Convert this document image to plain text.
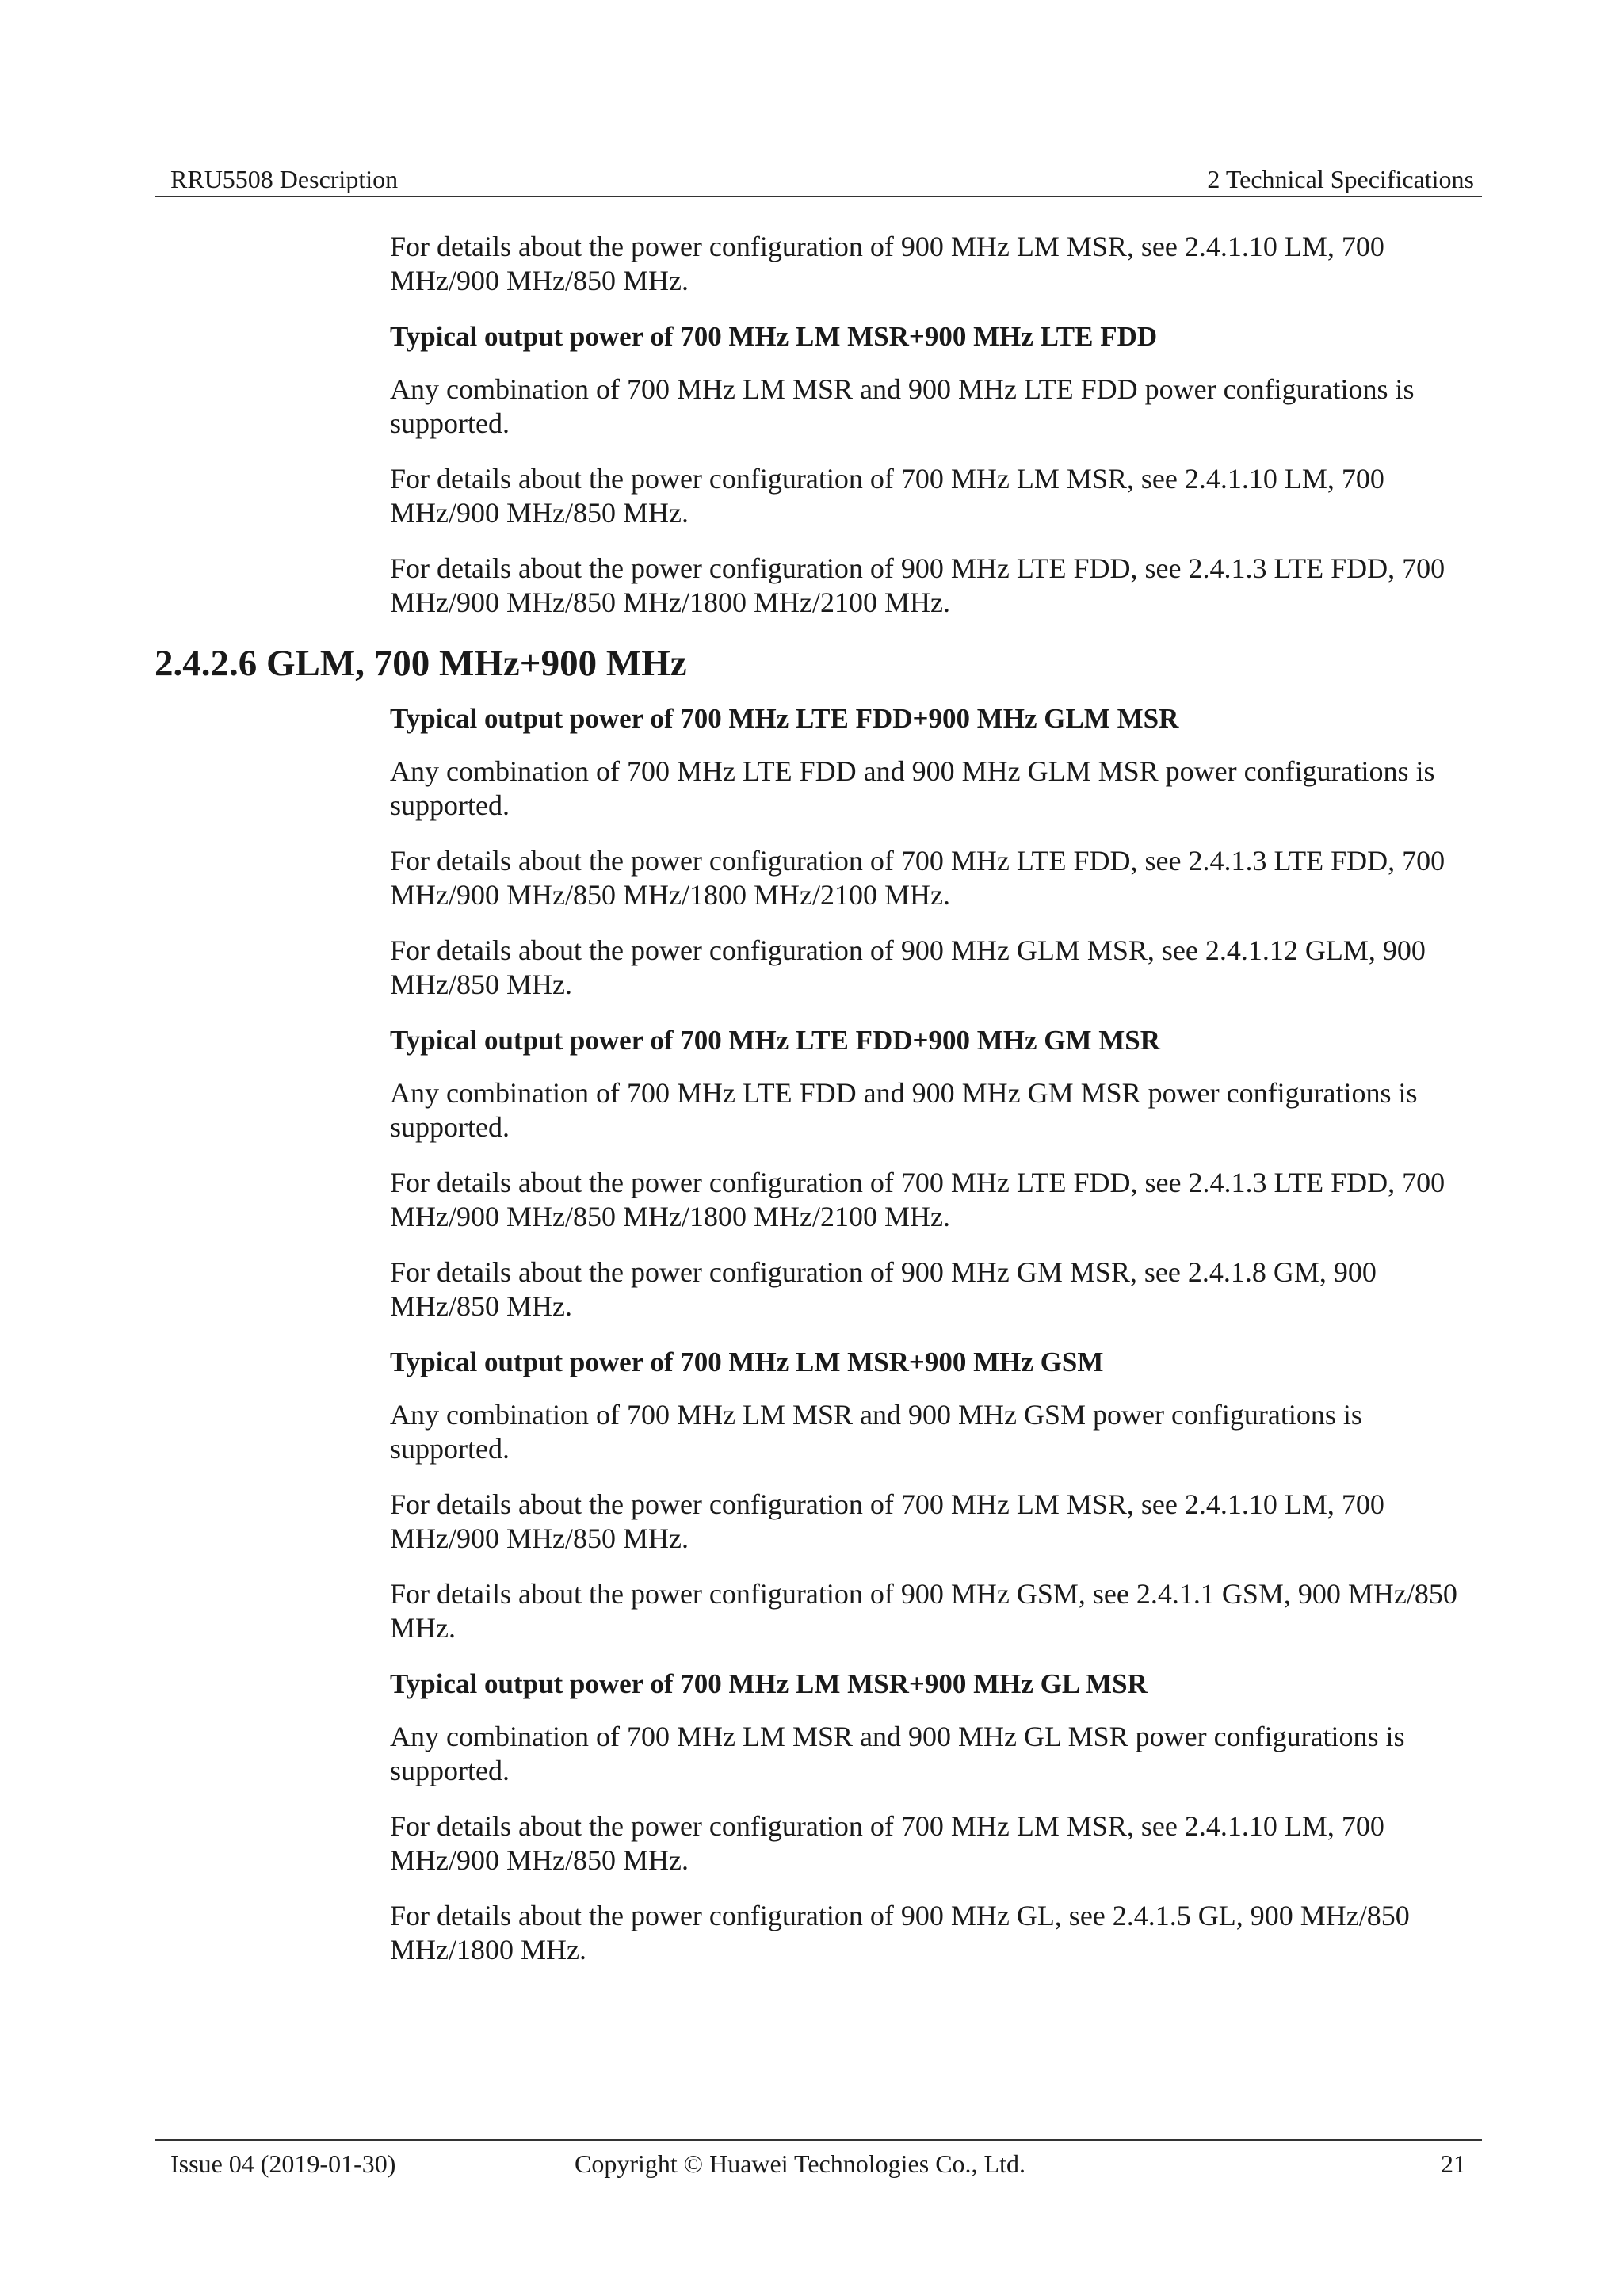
RRU5508 Description	2 Technical Specifications

For details about the power configuration of 900 MHz LM MSR, see 2.4.1.10 LM, 700 MHz/900 MHz/850 MHz.

Typical output power of 700 MHz LM MSR+900 MHz LTE FDD

Any combination of 700 MHz LM MSR and 900 MHz LTE FDD power configurations is supported.

For details about the power configuration of 700 MHz LM MSR, see 2.4.1.10 LM, 700 MHz/900 MHz/850 MHz.

For details about the power configuration of 900 MHz LTE FDD, see 2.4.1.3 LTE FDD, 700 MHz/900 MHz/850 MHz/1800 MHz/2100 MHz.

2.4.2.6 GLM, 700 MHz+900 MHz

Typical output power of 700 MHz LTE FDD+900 MHz GLM MSR

Any combination of 700 MHz LTE FDD and 900 MHz GLM MSR power configurations is supported.

For details about the power configuration of 700 MHz LTE FDD, see 2.4.1.3 LTE FDD, 700 MHz/900 MHz/850 MHz/1800 MHz/2100 MHz.

For details about the power configuration of 900 MHz GLM MSR, see 2.4.1.12 GLM, 900 MHz/850 MHz.

Typical output power of 700 MHz LTE FDD+900 MHz GM MSR

Any combination of 700 MHz LTE FDD and 900 MHz GM MSR power configurations is supported.

For details about the power configuration of 700 MHz LTE FDD, see 2.4.1.3 LTE FDD, 700 MHz/900 MHz/850 MHz/1800 MHz/2100 MHz.

For details about the power configuration of 900 MHz GM MSR, see 2.4.1.8 GM, 900 MHz/850 MHz.

Typical output power of 700 MHz LM MSR+900 MHz GSM

Any combination of 700 MHz LM MSR and 900 MHz GSM power configurations is supported.

For details about the power configuration of 700 MHz LM MSR, see 2.4.1.10 LM, 700 MHz/900 MHz/850 MHz.

For details about the power configuration of 900 MHz GSM, see 2.4.1.1 GSM, 900 MHz/850 MHz.

Typical output power of 700 MHz LM MSR+900 MHz GL MSR

Any combination of 700 MHz LM MSR and 900 MHz GL MSR power configurations is supported.

For details about the power configuration of 700 MHz LM MSR, see 2.4.1.10 LM, 700 MHz/900 MHz/850 MHz.

For details about the power configuration of 900 MHz GL, see 2.4.1.5 GL, 900 MHz/850 MHz/1800 MHz.

Issue 04 (2019-01-30)	Copyright © Huawei Technologies Co., Ltd.	21
